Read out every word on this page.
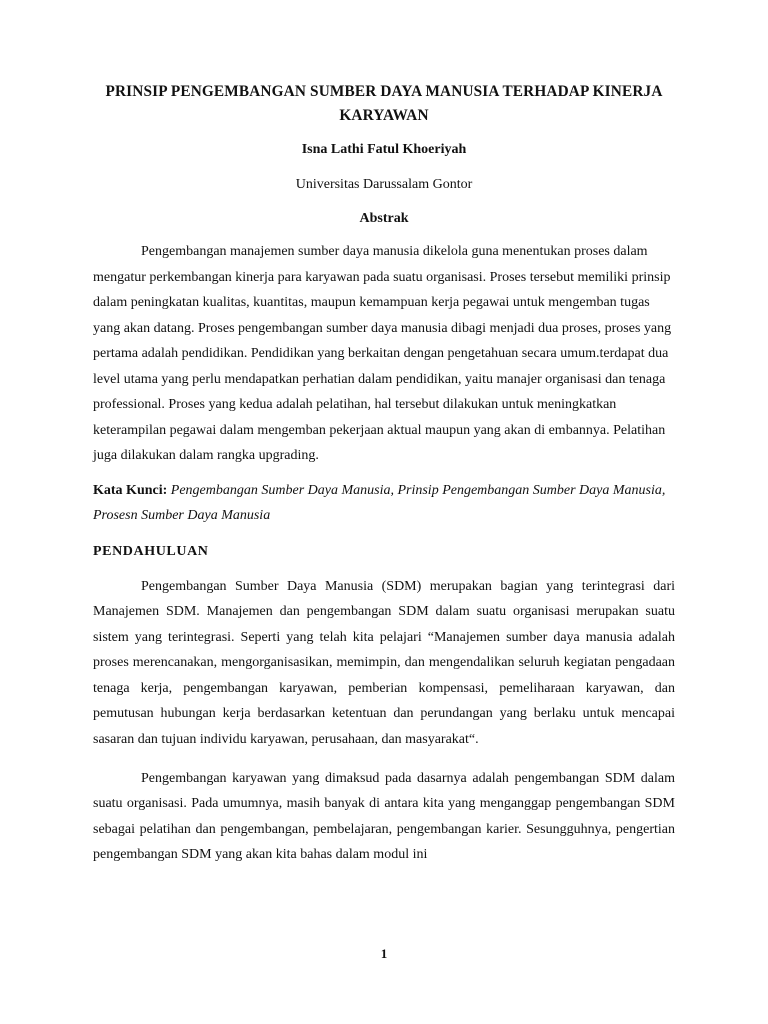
PRINSIP PENGEMBANGAN SUMBER DAYA MANUSIA TERHADAP KINERJA KARYAWAN

Isna Lathi Fatul Khoeriyah

Universitas Darussalam Gontor

Abstrak

Pengembangan manajemen sumber daya manusia dikelola guna menentukan proses dalam mengatur perkembangan kinerja para karyawan pada suatu organisasi. Proses tersebut memiliki prinsip dalam peningkatan kualitas, kuantitas, maupun kemampuan kerja pegawai untuk mengemban tugas yang akan datang. Proses pengembangan sumber daya manusia dibagi menjadi dua proses, proses yang pertama adalah pendidikan. Pendidikan yang berkaitan dengan pengetahuan secara umum.terdapat dua level utama yang perlu mendapatkan perhatian dalam pendidikan, yaitu manajer organisasi dan tenaga professional. Proses yang kedua adalah pelatihan, hal tersebut dilakukan untuk meningkatkan keterampilan pegawai dalam mengemban pekerjaan aktual maupun yang akan di embannya. Pelatihan juga dilakukan dalam rangka upgrading.

Kata Kunci: Pengembangan Sumber Daya Manusia, Prinsip Pengembangan Sumber Daya Manusia, Prosesn Sumber Daya Manusia

PENDAHULUAN

Pengembangan Sumber Daya Manusia (SDM) merupakan bagian yang terintegrasi dari Manajemen SDM. Manajemen dan pengembangan SDM dalam suatu organisasi merupakan suatu sistem yang terintegrasi. Seperti yang telah kita pelajari “Manajemen sumber daya manusia adalah proses merencanakan, mengorganisasikan, memimpin, dan mengendalikan seluruh kegiatan pengadaan tenaga kerja, pengembangan karyawan, pemberian kompensasi, pemeliharaan karyawan, dan pemutusan hubungan kerja berdasarkan ketentuan dan perundangan yang berlaku untuk mencapai sasaran dan tujuan individu karyawan, perusahaan, dan masyarakat“.

Pengembangan karyawan yang dimaksud pada dasarnya adalah pengembangan SDM dalam suatu organisasi. Pada umumnya, masih banyak di antara kita yang menganggap pengembangan SDM sebagai pelatihan dan pengembangan, pembelajaran, pengembangan karier. Sesungguhnya, pengertian pengembangan SDM yang akan kita bahas dalam modul ini

1
